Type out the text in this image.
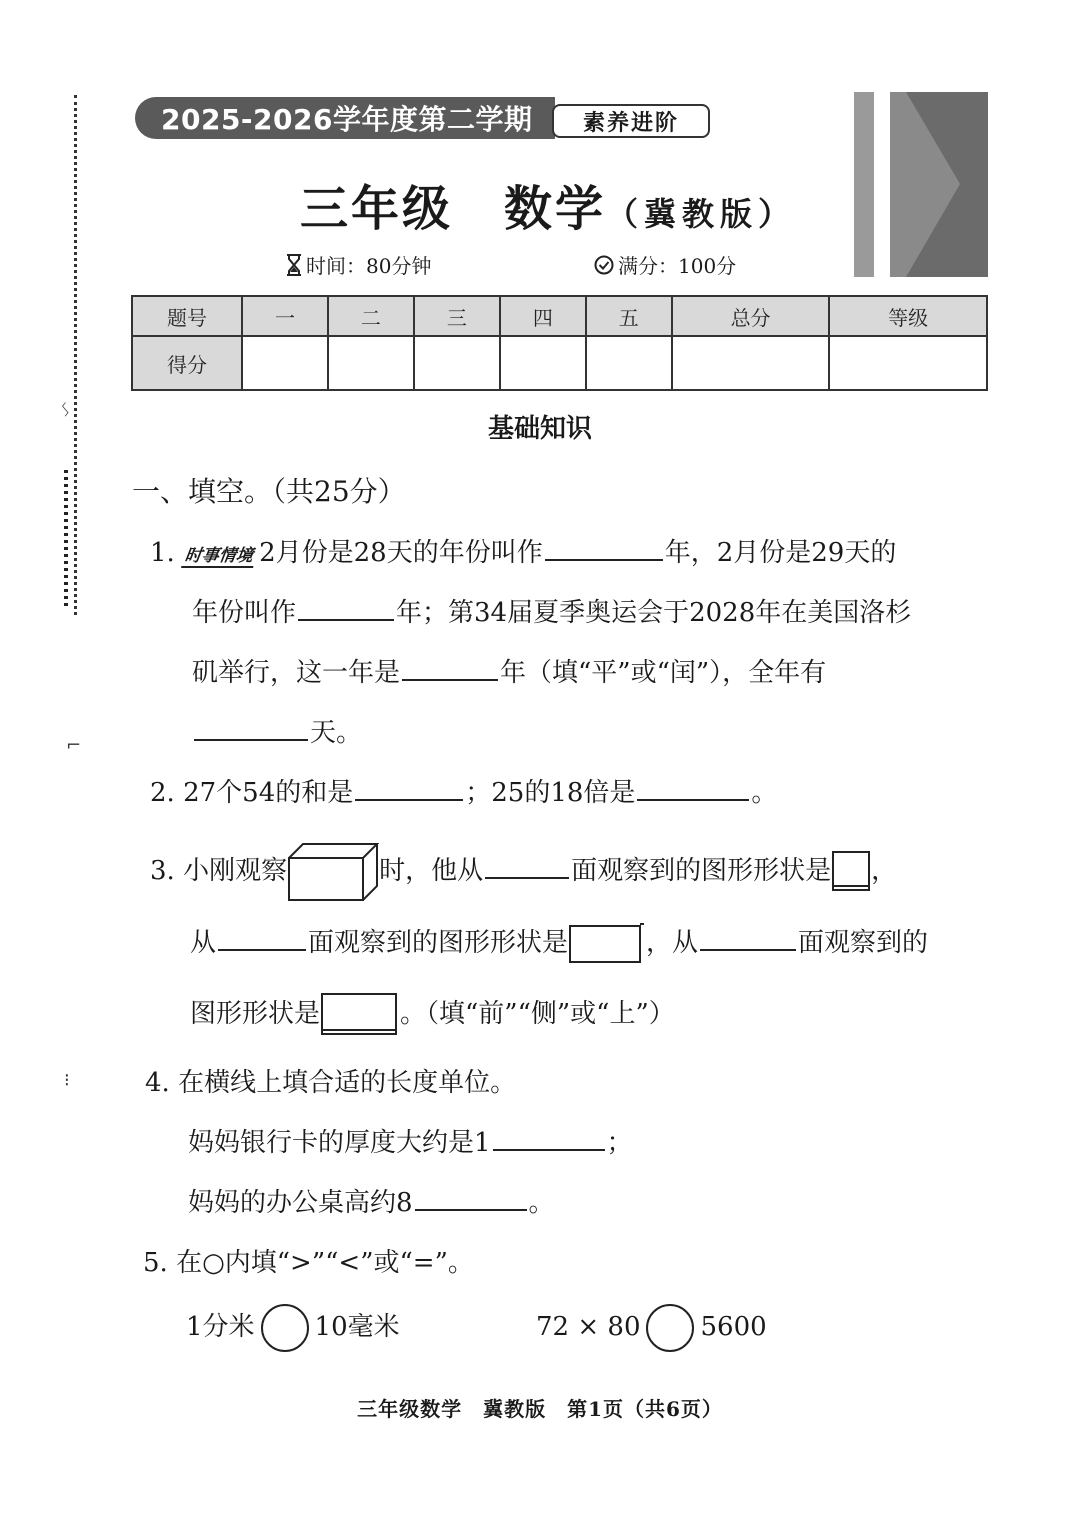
ᛊ
⌐
⁝
2025-2026学年度第二学期	素养进阶
三年级　数学（冀教版）
时间：80分钟	满分：100分
题号	一	二	三	四	五	总分	等级
得分							
基础知识
一、填空。（共25分）
1. 时事情境 2月份是28天的年份叫作	年，2月份是29天的
年份叫作	年；第34届夏季奥运会于2028年在美国洛杉
矶举行，这一年是	年（填“平”或“闰”），全年有
天。
2. 27个54的和是	；25的18倍是	。
3. 小刚观察	时，他从	面观察到的图形形状是 ，
从	面观察到的图形形状是	，从	面观察到的
图形形状是	。（填“前”“侧”或“上”）
4. 在横线上填合适的长度单位。
妈妈银行卡的厚度大约是1	；
妈妈的办公桌高约8	。
5. 在○内填“>”“<”或“=”。
1分米 10毫米	72 × 80 5600
三年级数学　冀教版　第1页（共6页）
